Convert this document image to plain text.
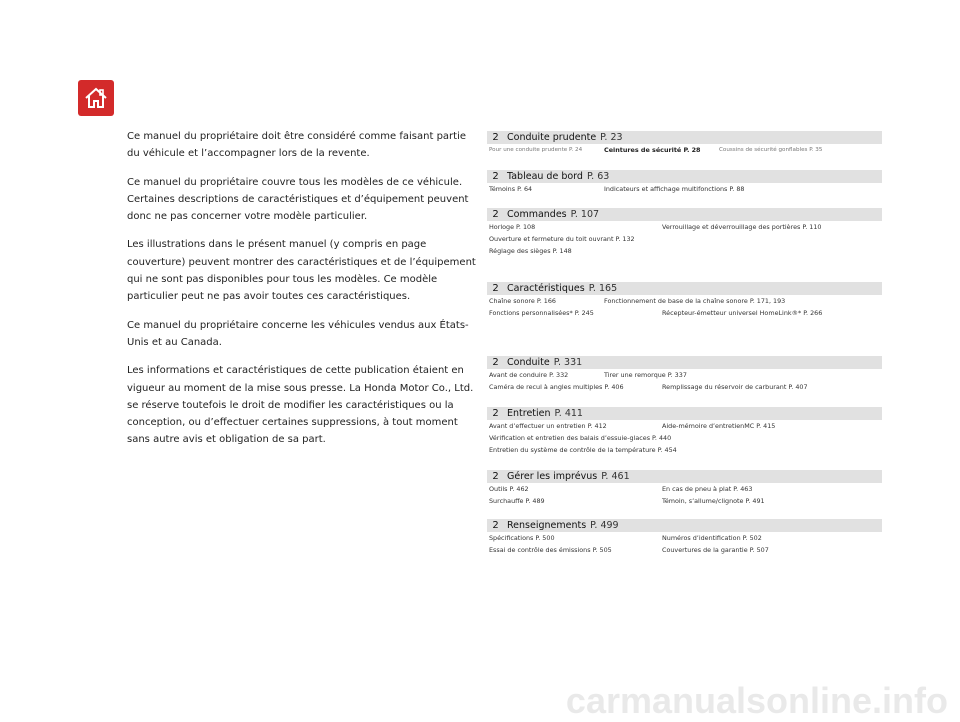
Ce manuel du propriétaire doit être considéré comme faisant partie du véhicule et l’accompagner lors de la revente.

Ce manuel du propriétaire couvre tous les modèles de ce véhicule. Certaines descriptions de caractéristiques et d’équipement peuvent donc ne pas concerner votre modèle particulier.

Les illustrations dans le présent manuel (y compris en page couverture) peuvent montrer des caractéristiques et de l’équipement qui ne sont pas disponibles pour tous les modèles. Ce modèle particulier peut ne pas avoir toutes ces caractéristiques.

Ce manuel du propriétaire concerne les véhicules vendus aux États-Unis et au Canada.

Les informations et caractéristiques de cette publication étaient en vigueur au moment de la mise sous presse. La Honda Motor Co., Ltd. se réserve toutefois le droit de modifier les caractéristiques ou la conception, ou d’effectuer certaines suppressions, à tout moment sans autre avis et obligation de sa part.

2 Conduite prudente P. 23
Pour une conduite prudente P. 24	Ceintures de sécurité P. 28	Coussins de sécurité gonflables P. 35
2 Tableau de bord P. 63
Témoins P. 64	Indicateurs et affichage multifonctions P. 88
2 Commandes P. 107
Horloge P. 108	Verrouillage et déverrouillage des portières P. 110
Ouverture et fermeture du toit ouvrant P. 132
Réglage des sièges P. 148
2 Caractéristiques P. 165
Chaîne sonore P. 166	Fonctionnement de base de la chaîne sonore P. 171, 193
Fonctions personnalisées* P. 245	Récepteur-émetteur universel HomeLink®* P. 266
2 Conduite P. 331
Avant de conduire P. 332	Tirer une remorque P. 337
Caméra de recul à angles multiples P. 406	Remplissage du réservoir de carburant P. 407
2 Entretien P. 411
Avant d’effectuer un entretien P. 412	Aide-mémoire d’entretienMC P. 415
Vérification et entretien des balais d’essuie-glaces P. 440
Entretien du système de contrôle de la température P. 454
2 Gérer les imprévus P. 461
Outils P. 462	En cas de pneu à plat P. 463
Surchauffe P. 489	Témoin, s’allume/clignote P. 491
2 Renseignements P. 499
Spécifications P. 500	Numéros d’identification P. 502
Essai de contrôle des émissions P. 505	Couvertures de la garantie P. 507
carmanualsonline.info
